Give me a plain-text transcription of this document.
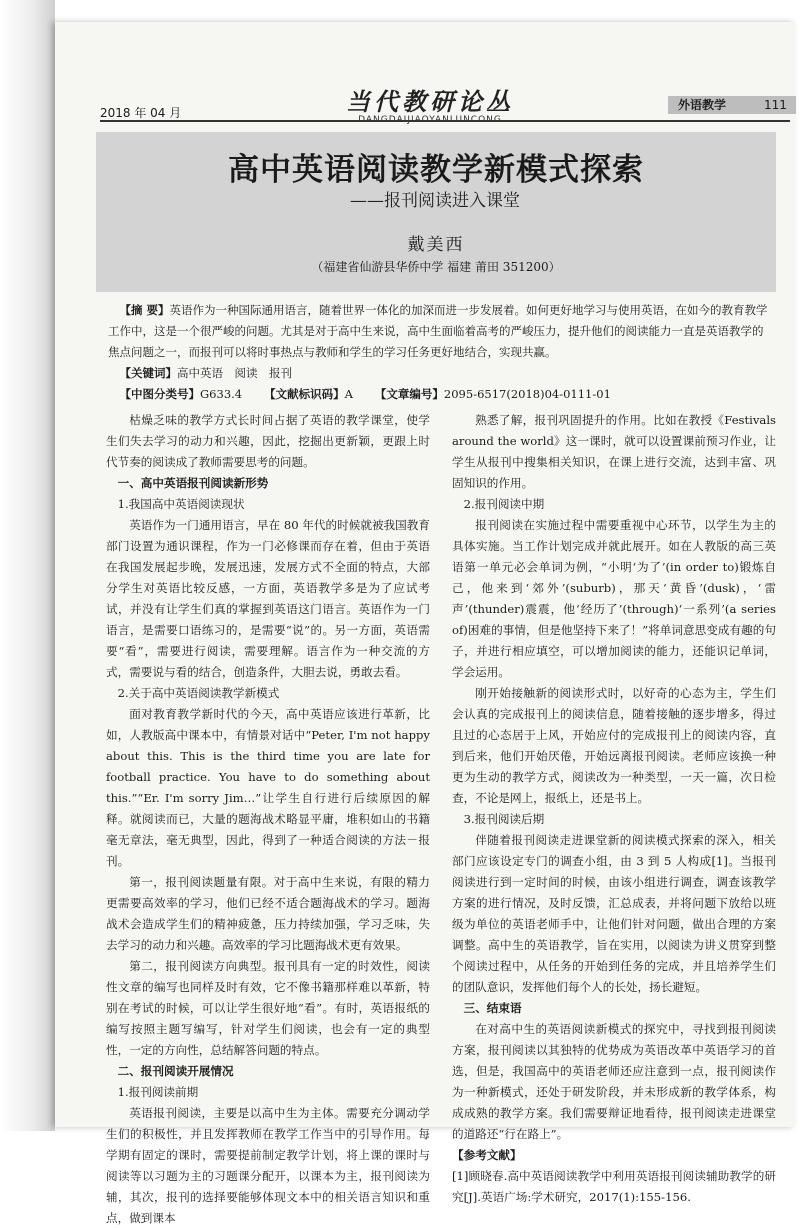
当代教研论丛
2018 年 04 月
外语教学	111
高中英语阅读教学新模式探索
——报刊阅读进入课堂
戴美西
（福建省仙游县华侨中学 福建 莆田 351200）

【摘 要】英语作为一种国际通用语言，随着世界一体化的加深而进一步发展着。如何更好地学习与使用英语，在如今的教育教学工作中，这是一个很严峻的问题。尤其是对于高中生来说，高中生面临着高考的严峻压力，提升他们的阅读能力一直是英语教学的焦点问题之一，而报刊可以将时事热点与教师和学生的学习任务更好地结合，实现共赢。

【关键词】高中英语　阅读　报刊

【中图分类号】G633.4 【文献标识码】A 【文章编号】2095-6517(2018)04-0111-01

枯燥乏味的教学方式长时间占据了英语的教学课堂，使学生们失去学习的动力和兴趣，因此，挖掘出更新颖，更跟上时代节奏的阅读成了教师需要思考的问题。

一、高中英语报刊阅读新形势

1.我国高中英语阅读现状

英语作为一门通用语言，早在 80 年代的时候就被我国教育部门设置为通识课程，作为一门必修课而存在着，但由于英语在我国发展起步晚，发展迅速，发展方式不全面的特点，大部分学生对英语比较反感，一方面，英语教学多是为了应试考试，并没有让学生们真的掌握到英语这门语言。英语作为一门语言，是需要口语练习的，是需要“说”的。另一方面，英语需要“看”，需要进行阅读，需要理解。语言作为一种交流的方式，需要说与看的结合，创造条件，大胆去说，勇敢去看。

2.关于高中英语阅读教学新模式

面对教育教学新时代的今天，高中英语应该进行革新，比如，人教版高中课本中，有情景对话中“Peter, I'm not happy about this. This is the third time you are late for football practice. You have to do something about this.”“Er. I'm sorry Jim…”让学生自行进行后续原因的解释。就阅读而已，大量的题海战术略显平庸，堆积如山的书籍毫无章法，毫无典型，因此，得到了一种适合阅读的方法－报刊。

第一，报刊阅读题量有限。对于高中生来说，有限的精力更需要高效率的学习，他们已经不适合题海战术的学习。题海战术会造成学生们的精神疲惫，压力持续加强，学习乏味，失去学习的动力和兴趣。高效率的学习比题海战术更有效果。

第二，报刊阅读方向典型。报刊具有一定的时效性，阅读性文章的编写也同样及时有效，它不像书籍那样难以革新，特别在考试的时候，可以让学生很好地“看”。有时，英语报纸的编写按照主题写编写，针对学生们阅读，也会有一定的典型性，一定的方向性，总结解答问题的特点。

二、报刊阅读开展情况

1.报刊阅读前期

英语报刊阅读，主要是以高中生为主体。需要充分调动学生们的积极性，并且发挥教师在教学工作当中的引导作用。每学期有固定的课时，需要提前制定教学计划，将上课的课时与阅读等以习题为主的习题课分配开，以课本为主，报刊阅读为辅，其次，报刊的选择要能够体现文本中的相关语言知识和重点，做到课本

熟悉了解，报刊巩固提升的作用。比如在教授《Festivals around the world》这一课时，就可以设置课前预习作业，让学生从报刊中搜集相关知识，在课上进行交流，达到丰富、巩固知识的作用。

2.报刊阅读中期

报刊阅读在实施过程中需要重视中心环节，以学生为主的具体实施。当工作计划完成并就此展开。如在人教版的高三英语第一单元必会单词为例，“小明‘为了’(in order to)锻炼自己，他来到‘郊外’(suburb)，那天‘黄昏’(dusk)，‘雷声’(thunder)震震，他‘经历了’(through)‘一系列’(a series of)困难的事情，但是他坚持下来了！”将单词意思变成有趣的句子，并进行相应填空，可以增加阅读的能力，还能识记单词，学会运用。

刚开始接触新的阅读形式时，以好奇的心态为主，学生们会认真的完成报刊上的阅读信息，随着接触的逐步增多，得过且过的心态居于上风，开始应付的完成报刊上的阅读内容，直到后来，他们开始厌倦，开始远离报刊阅读。老师应该换一种更为生动的教学方式，阅读改为一种类型，一天一篇，次日检查，不论是网上，报纸上，还是书上。

3.报刊阅读后期

伴随着报刊阅读走进课堂新的阅读模式探索的深入，相关部门应该设定专门的调查小组，由 3 到 5 人构成[1]。当报刊阅读进行到一定时间的时候，由该小组进行调查，调查该教学方案的进行情况，及时反馈，汇总成表，并将问题下放给以班级为单位的英语老师手中，让他们针对问题，做出合理的方案调整。高中生的英语教学，旨在实用，以阅读为讲义贯穿到整个阅读过程中，从任务的开始到任务的完成，并且培养学生们的团队意识，发挥他们每个人的长处，扬长避短。

三、结束语

在对高中生的英语阅读新模式的探究中，寻找到报刊阅读方案，报刊阅读以其独特的优势成为英语改革中英语学习的首选，但是，我国高中的英语老师还应注意到一点，报刊阅读作为一种新模式，还处于研发阶段，并未形成新的教学体系，构成成熟的教学方案。我们需要辩证地看待，报刊阅读走进课堂的道路还“行在路上”。

【参考文献】

[1]顾晓春.高中英语阅读教学中利用英语报刊阅读辅助教学的研究[J].英语广场:学术研究，2017(1):155-156.
